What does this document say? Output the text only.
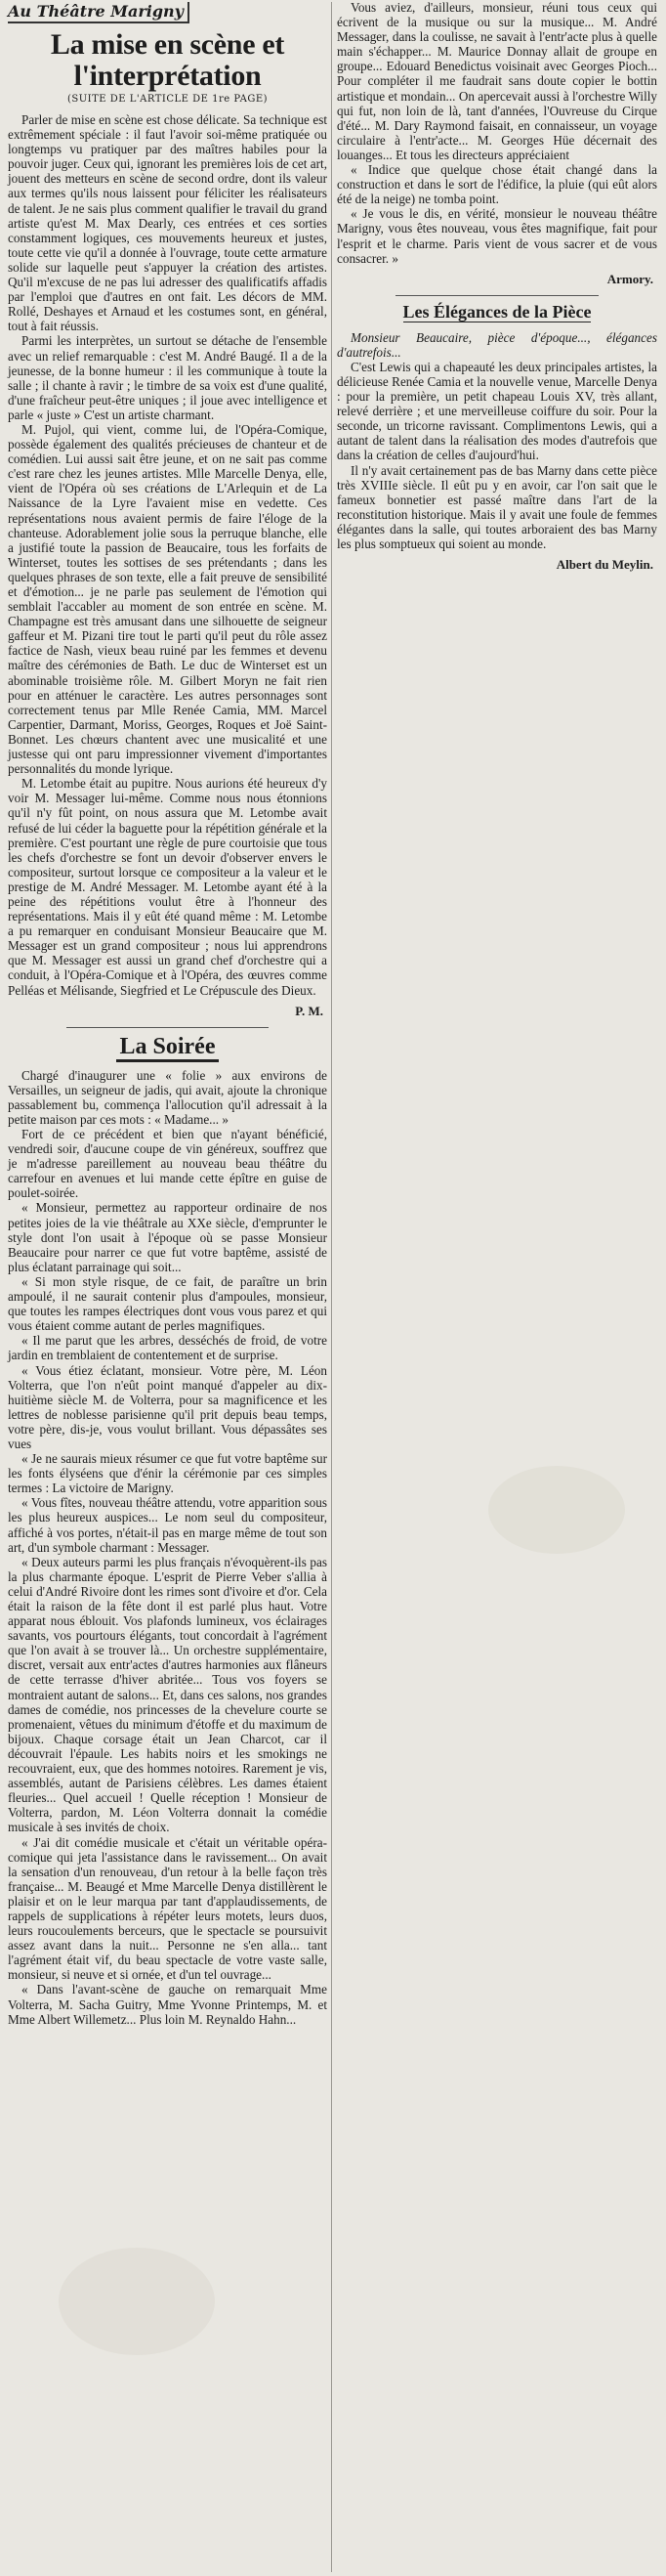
Au Théâtre Marigny
La mise en scène et l'interprétation
(SUITE DE L'ARTICLE DE 1re PAGE)

Parler de mise en scène est chose délicate. Sa technique est extrêmement spéciale : il faut l'avoir soi-même pratiquée ou longtemps vu pratiquer par des maîtres habiles pour la pouvoir juger. Ceux qui, ignorant les premières lois de cet art, jouent des metteurs en scène de second ordre, dont ils valeur aux termes qu'ils nous laissent pour féliciter les réalisateurs de talent. Je ne sais plus comment qualifier le travail du grand artiste qu'est M. Max Dearly, ces entrées et ces sorties constamment logiques, ces mouvements heureux et justes, toute cette vie qu'il a donnée à l'ouvrage, toute cette armature solide sur laquelle peut s'appuyer la création des artistes. Qu'il m'excuse de ne pas lui adresser des qualificatifs affadis par l'emploi que d'autres en ont fait. Les décors de MM. Rollé, Deshayes et Arnaud et les costumes sont, en général, tout à fait réussis.

Parmi les interprètes, un surtout se détache de l'ensemble avec un relief remarquable : c'est M. André Baugé. Il a de la jeunesse, de la bonne humeur : il les communique à toute la salle ; il chante à ravir ; le timbre de sa voix est d'une qualité, d'une fraîcheur peut-être uniques ; il joue avec intelligence et parle « juste » C'est un artiste charmant.

M. Pujol, qui vient, comme lui, de l'Opéra-Comique, possède également des qualités précieuses de chanteur et de comédien. Lui aussi sait être jeune, et on ne sait pas comme c'est rare chez les jeunes artistes. Mlle Marcelle Denya, elle, vient de l'Opéra où ses créations de L'Arlequin et de La Naissance de la Lyre l'avaient mise en vedette. Ces représentations nous avaient permis de faire l'éloge de la chanteuse. Adorablement jolie sous la perruque blanche, elle a justifié toute la passion de Beaucaire, tous les forfaits de Winterset, toutes les sottises de ses prétendants ; dans les quelques phrases de son texte, elle a fait preuve de sensibilité et d'émotion... je ne parle pas seulement de l'émotion qui semblait l'accabler au moment de son entrée en scène. M. Champagne est très amusant dans une silhouette de seigneur gaffeur et M. Pizani tire tout le parti qu'il peut du rôle assez factice de Nash, vieux beau ruiné par les femmes et devenu maître des cérémonies de Bath. Le duc de Winterset est un abominable troisième rôle. M. Gilbert Moryn ne fait rien pour en atténuer le caractère. Les autres personnages sont correctement tenus par Mlle Renée Camia, MM. Marcel Carpentier, Darmant, Moriss, Georges, Roques et Joë Saint-Bonnet. Les chœurs chantent avec une musicalité et une justesse qui ont paru impressionner vivement d'importantes personnalités du monde lyrique.

M. Letombe était au pupitre. Nous aurions été heureux d'y voir M. Messager lui-même. Comme nous nous étonnions qu'il n'y fût point, on nous assura que M. Letombe avait refusé de lui céder la baguette pour la répétition générale et la première. C'est pourtant une règle de pure courtoisie que tous les chefs d'orchestre se font un devoir d'observer envers le compositeur, surtout lorsque ce compositeur a la valeur et le prestige de M. André Messager. M. Letombe ayant été à la peine des répétitions voulut être à l'honneur des représentations. Mais il y eût été quand même : M. Letombe a pu remarquer en conduisant Monsieur Beaucaire que M. Messager est un grand compositeur ; nous lui apprendrons que M. Messager est aussi un grand chef d'orchestre qui a conduit, à l'Opéra-Comique et à l'Opéra, des œuvres comme Pelléas et Mélisande, Siegfried et Le Crépuscule des Dieux.

P. M.
La Soirée

Chargé d'inaugurer une « folie » aux environs de Versailles, un seigneur de jadis, qui avait, ajoute la chronique passablement bu, commença l'allocution qu'il adressait à la petite maison par ces mots : « Madame... »

Fort de ce précédent et bien que n'ayant bénéficié, vendredi soir, d'aucune coupe de vin généreux, souffrez que je m'adresse pareillement au nouveau beau théâtre du carrefour en avenues et lui mande cette épître en guise de poulet-soirée.

« Monsieur, permettez au rapporteur ordinaire de nos petites joies de la vie théâtrale au XXe siècle, d'emprunter le style dont l'on usait à l'époque où se passe Monsieur Beaucaire pour narrer ce que fut votre baptême, assisté de plus éclatant parrainage qui soit...

« Si mon style risque, de ce fait, de paraître un brin ampoulé, il ne saurait contenir plus d'ampoules, monsieur, que toutes les rampes électriques dont vous vous parez et qui vous étaient comme autant de perles magnifiques.

« Il me parut que les arbres, desséchés de froid, de votre jardin en tremblaient de contentement et de surprise.

« Vous étiez éclatant, monsieur. Votre père, M. Léon Volterra, que l'on n'eût point manqué d'appeler au dix-huitième siècle M. de Volterra, pour sa magnificence et les lettres de noblesse parisienne qu'il prit depuis beau temps, votre père, dis-je, vous voulut brillant. Vous dépassâtes ses vues

« Je ne saurais mieux résumer ce que fut votre baptême sur les fonts élyséens que d'énir la cérémonie par ces simples termes : La victoire de Marigny.

« Vous fîtes, nouveau théâtre attendu, votre apparition sous les plus heureux auspices... Le nom seul du compositeur, affiché à vos portes, n'était-il pas en marge même de tout son art, d'un symbole charmant : Messager.

« Deux auteurs parmi les plus français n'évoquèrent-ils pas la plus charmante époque. L'esprit de Pierre Veber s'allia à celui d'André Rivoire dont les rimes sont d'ivoire et d'or. Cela était la raison de la fête dont il est parlé plus haut. Votre apparat nous éblouit. Vos plafonds lumineux, vos éclairages savants, vos pourtours élégants, tout concordait à l'agrément que l'on avait à se trouver là... Un orchestre supplémentaire, discret, versait aux entr'actes d'autres harmonies aux flâneurs de cette terrasse d'hiver abritée... Tous vos foyers se montraient autant de salons... Et, dans ces salons, nos grandes dames de comédie, nos princesses de la chevelure courte se promenaient, vêtues du minimum d'étoffe et du maximum de bijoux. Chaque corsage était un Jean Charcot, car il découvrait l'épaule. Les habits noirs et les smokings ne recouvraient, eux, que des hommes notoires. Rarement je vis, assemblés, autant de Parisiens célèbres. Les dames étaient fleuries... Quel accueil ! Quelle réception ! Monsieur de Volterra, pardon, M. Léon Volterra donnait la comédie musicale à ses invités de choix.

« J'ai dit comédie musicale et c'était un véritable opéra-comique qui jeta l'assistance dans le ravissement... On avait la sensation d'un renouveau, d'un retour à la belle façon très française... M. Beaugé et Mme Marcelle Denya distillèrent le plaisir et on le leur marqua par tant d'applaudissements, de rappels de supplications à répéter leurs motets, leurs duos, leurs roucoulements berceurs, que le spectacle se poursuivit assez avant dans la nuit... Personne ne s'en alla... tant l'agrément était vif, du beau spectacle de votre vaste salle, monsieur, si neuve et si ornée, et d'un tel ouvrage...

« Dans l'avant-scène de gauche on remarquait Mme Volterra, M. Sacha Guitry, Mme Yvonne Printemps, M. et Mme Albert Willemetz... Plus loin M. Reynaldo Hahn...

Vous aviez, d'ailleurs, monsieur, réuni tous ceux qui écrivent de la musique ou sur la musique... M. André Messager, dans la coulisse, ne savait à l'entr'acte plus à quelle main s'échapper... M. Maurice Donnay allait de groupe en groupe... Edouard Benedictus voisinait avec Georges Pioch... Pour compléter il me faudrait sans doute copier le bottin artistique et mondain... On apercevait aussi à l'orchestre Willy qui fut, non loin de là, tant d'années, l'Ouvreuse du Cirque d'été... M. Dary Raymond faisait, en connaisseur, un voyage circulaire à l'entr'acte... M. Georges Hüe décernait des louanges... Et tous les directeurs appréciaient

« Indice que quelque chose était changé dans la construction et dans le sort de l'édifice, la pluie (qui eût alors été de la neige) ne tomba point.

« Je vous le dis, en vérité, monsieur le nouveau théâtre Marigny, vous êtes nouveau, vous êtes magnifique, fait pour l'esprit et le charme. Paris vient de vous sacrer et de vous consacrer. »

Armory.
Les Élégances de la Pièce

Monsieur Beaucaire, pièce d'époque..., élégances d'autrefois...

C'est Lewis qui a chapeauté les deux principales artistes, la délicieuse Renée Camia et la nouvelle venue, Marcelle Denya : pour la première, un petit chapeau Louis XV, très allant, relevé derrière ; et une merveilleuse coiffure du soir. Pour la seconde, un tricorne ravissant. Complimentons Lewis, qui a autant de talent dans la réalisation des modes d'autrefois que dans la création de celles d'aujourd'hui.

Il n'y avait certainement pas de bas Marny dans cette pièce très XVIIIe siècle. Il eût pu y en avoir, car l'on sait que le fameux bonnetier est passé maître dans l'art de la reconstitution historique. Mais il y avait une foule de femmes élégantes dans la salle, qui toutes arboraient des bas Marny les plus somptueux qui soient au monde.

Albert du Meylin.
